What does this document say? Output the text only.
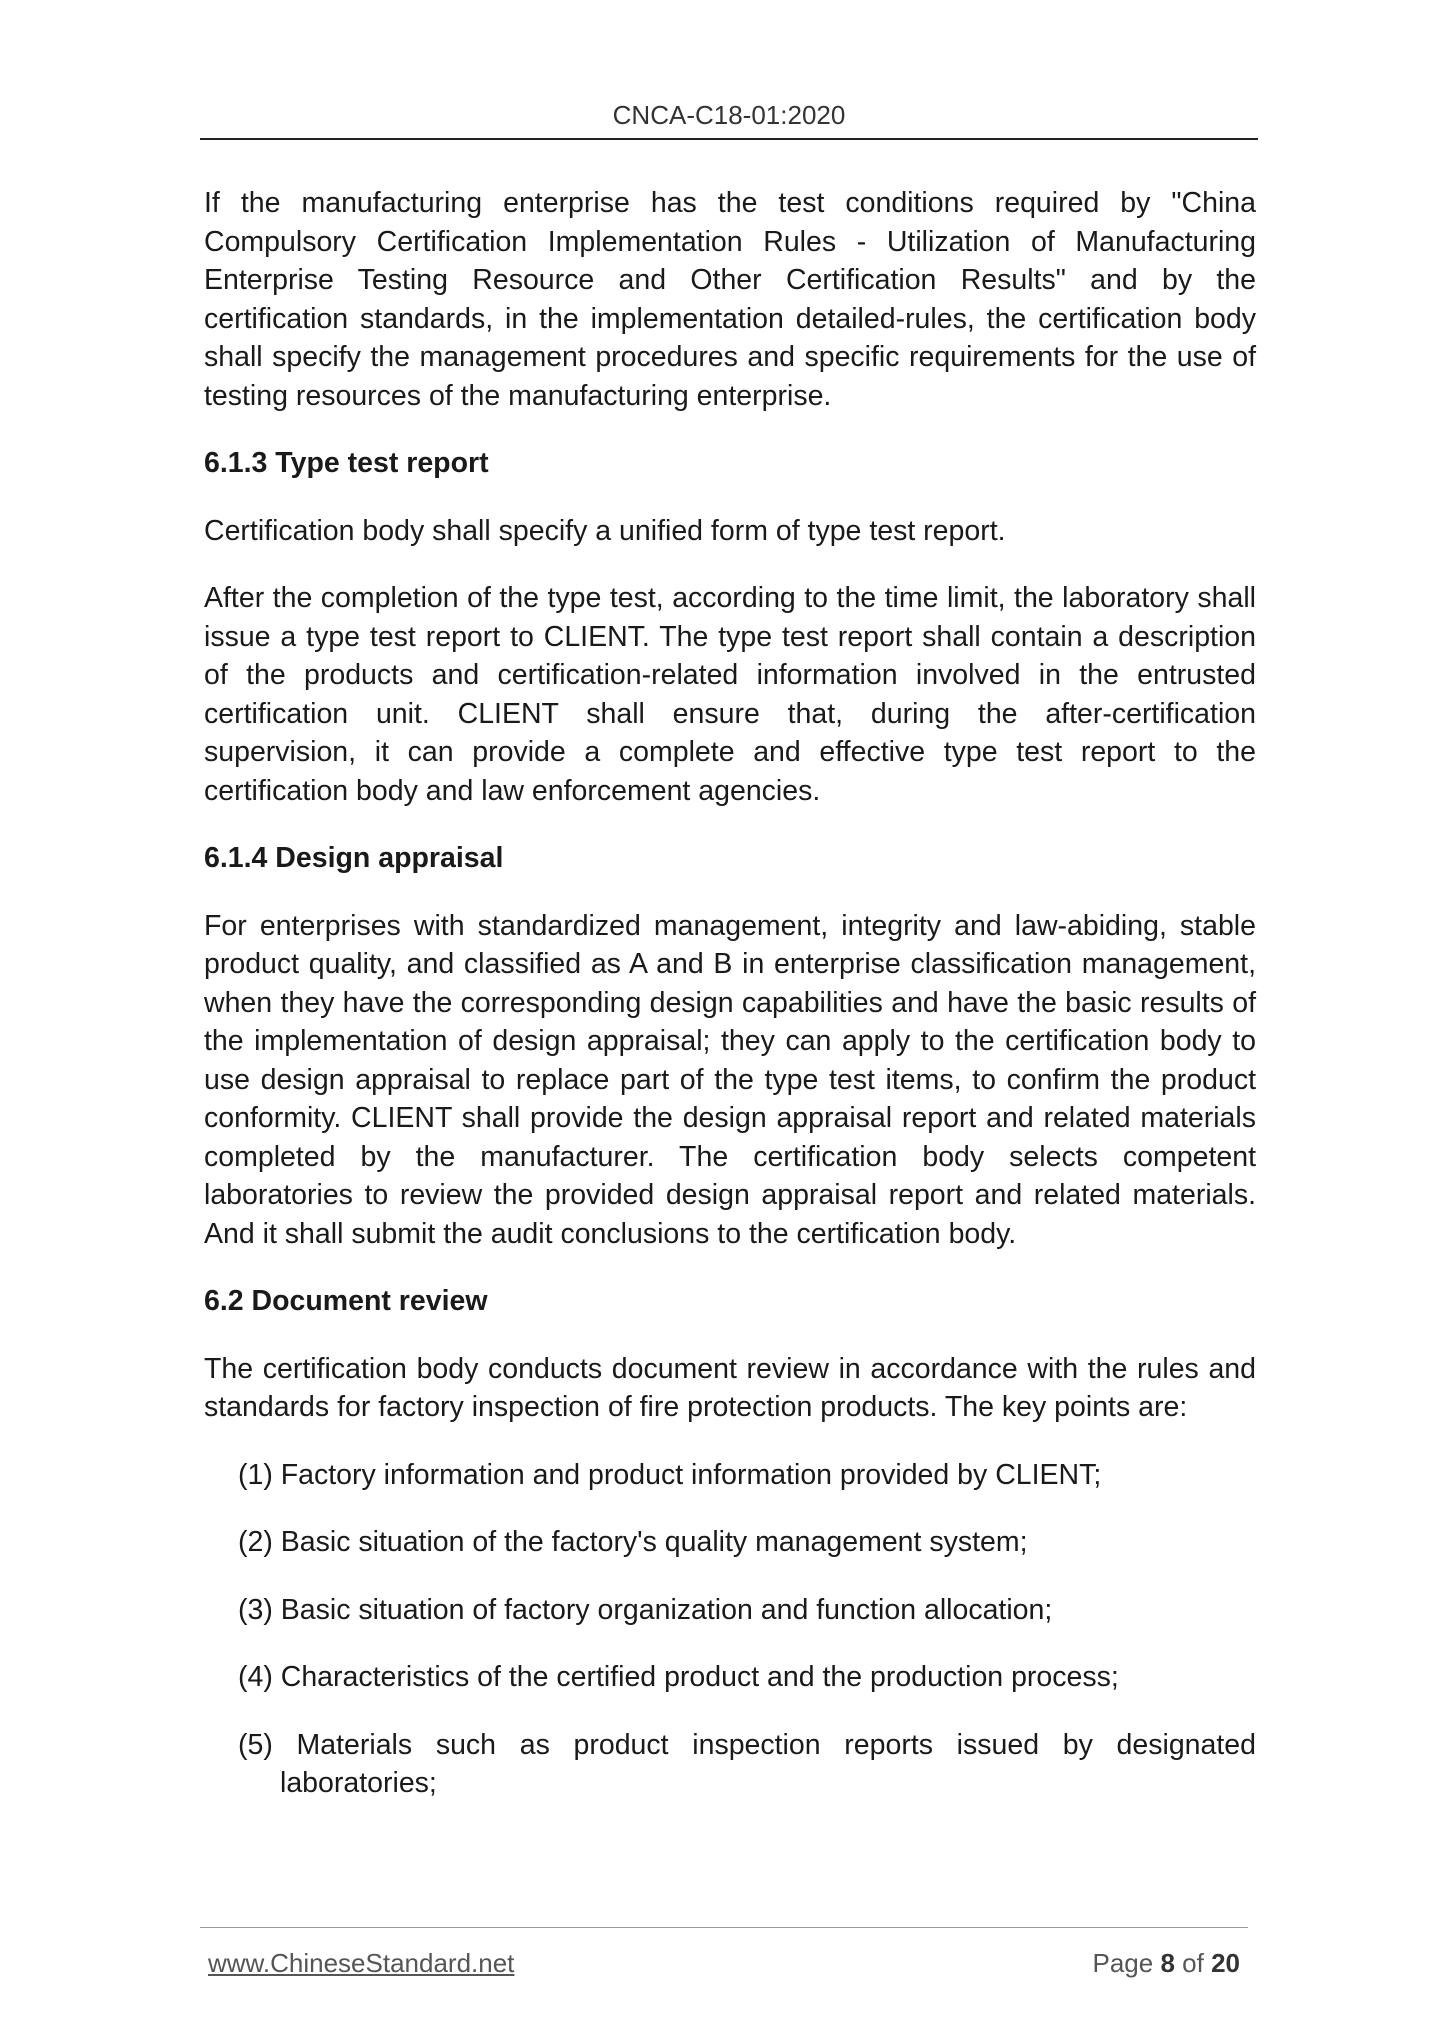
CNCA-C18-01:2020

If the manufacturing enterprise has the test conditions required by "China Compulsory Certification Implementation Rules - Utilization of Manufacturing Enterprise Testing Resource and Other Certification Results" and by the certification standards, in the implementation detailed-rules, the certification body shall specify the management procedures and specific requirements for the use of testing resources of the manufacturing enterprise.

6.1.3 Type test report

Certification body shall specify a unified form of type test report.

After the completion of the type test, according to the time limit, the laboratory shall issue a type test report to CLIENT. The type test report shall contain a description of the products and certification-related information involved in the entrusted certification unit. CLIENT shall ensure that, during the after-certification supervision, it can provide a complete and effective type test report to the certification body and law enforcement agencies.

6.1.4 Design appraisal

For enterprises with standardized management, integrity and law-abiding, stable product quality, and classified as A and B in enterprise classification management, when they have the corresponding design capabilities and have the basic results of the implementation of design appraisal; they can apply to the certification body to use design appraisal to replace part of the type test items, to confirm the product conformity. CLIENT shall provide the design appraisal report and related materials completed by the manufacturer. The certification body selects competent laboratories to review the provided design appraisal report and related materials. And it shall submit the audit conclusions to the certification body.

6.2 Document review

The certification body conducts document review in accordance with the rules and standards for factory inspection of fire protection products. The key points are:

(1) Factory information and product information provided by CLIENT;
(2) Basic situation of the factory's quality management system;
(3) Basic situation of factory organization and function allocation;
(4) Characteristics of the certified product and the production process;
(5) Materials such as product inspection reports issued by designated laboratories;
www.ChineseStandard.net	Page 8 of 20
